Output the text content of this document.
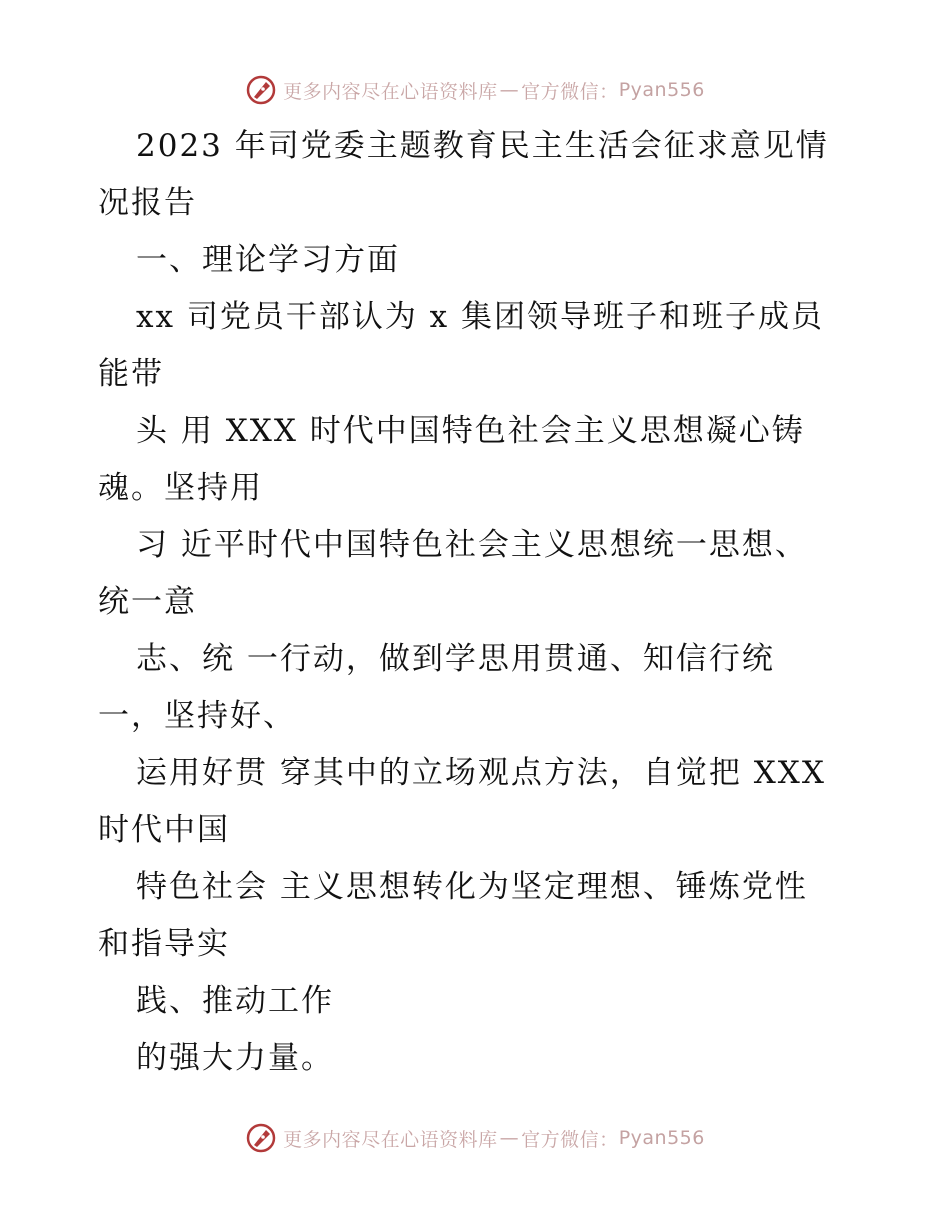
更多内容尽在心语资料库 — 官方微信： Pyan556
2023 年司党委主题教育民主生活会征求意见情
况报告
一、理论学习方面
xx 司党员干部认为 x 集团领导班子和班子成员
能带
头 用 XXX 时代中国特色社会主义思想凝心铸
魂。坚持用
习 近平时代中国特色社会主义思想统一思想、
统一意
志、统 一行动，做到学思用贯通、知信行统
一，坚持好、
运用好贯 穿其中的立场观点方法，自觉把 XXX
时代中国
特色社会 主义思想转化为坚定理想、锤炼党性
和指导实
践、推动工作
的强大力量。
更多内容尽在心语资料库 — 官方微信： Pyan556
